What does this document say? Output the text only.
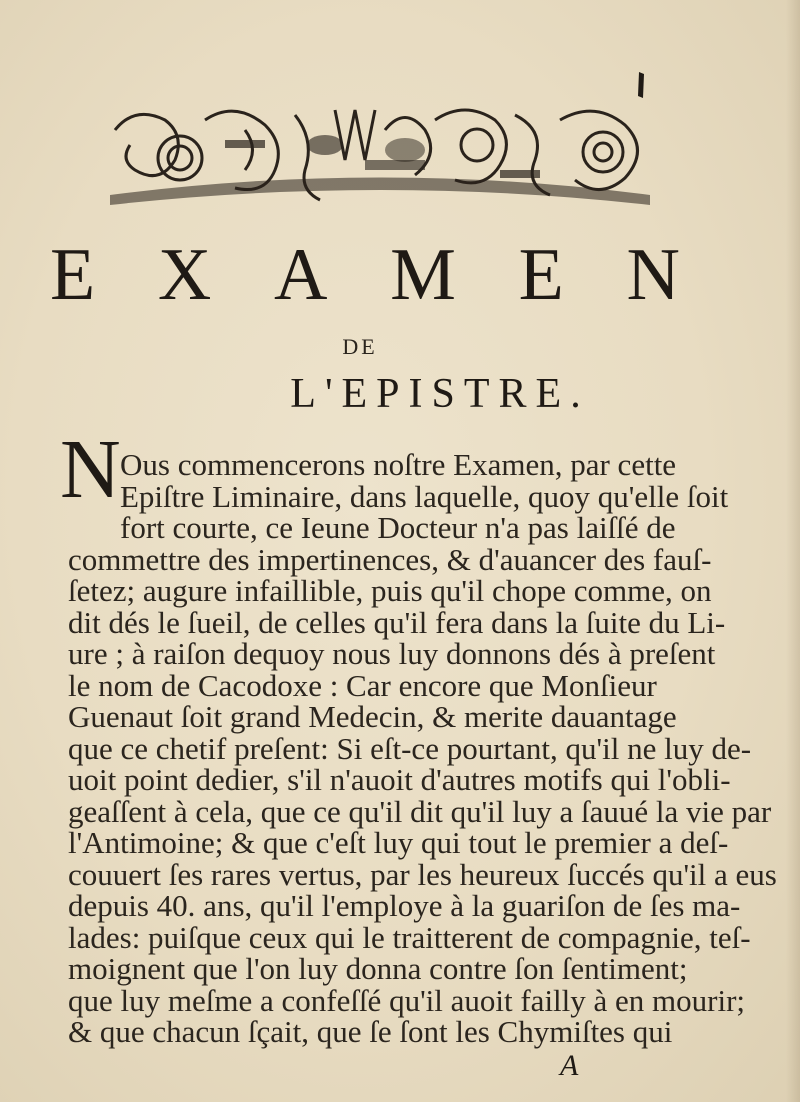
E X A M E N
DE
L'EPISTRE.
N Ous commencerons noſtre Examen, par cette
Epiſtre Liminaire, dans laquelle, quoy qu'elle ſoit
fort courte, ce Ieune Docteur n'a pas laiſſé de
commettre des impertinences, & d'auancer des fauſ-
ſetez; augure infaillible, puis qu'il chope comme, on
dit dés le ſueil, de celles qu'il fera dans la ſuite du Li-
ure ; à raiſon dequoy nous luy donnons dés à preſent
le nom de Cacodoxe : Car encore que Monſieur
Guenaut ſoit grand Medecin, & merite dauantage
que ce chetif preſent: Si eſt-ce pourtant, qu'il ne luy de-
uoit point dedier, s'il n'auoit d'autres motifs qui l'obli-
geaſſent à cela, que ce qu'il dit qu'il luy a ſauué la vie par
l'Antimoine; & que c'eſt luy qui tout le premier a deſ-
couuert ſes rares vertus, par les heureux ſuccés qu'il a eus
depuis 40. ans, qu'il l'employe à la guariſon de ſes ma-
lades: puiſque ceux qui le traitterent de compagnie, teſ-
moignent que l'on luy donna contre ſon ſentiment;
que luy meſme a confeſſé qu'il auoit failly à en mourir;
A
& que chacun ſçait, que ſe ſont les Chymiſtes qui
